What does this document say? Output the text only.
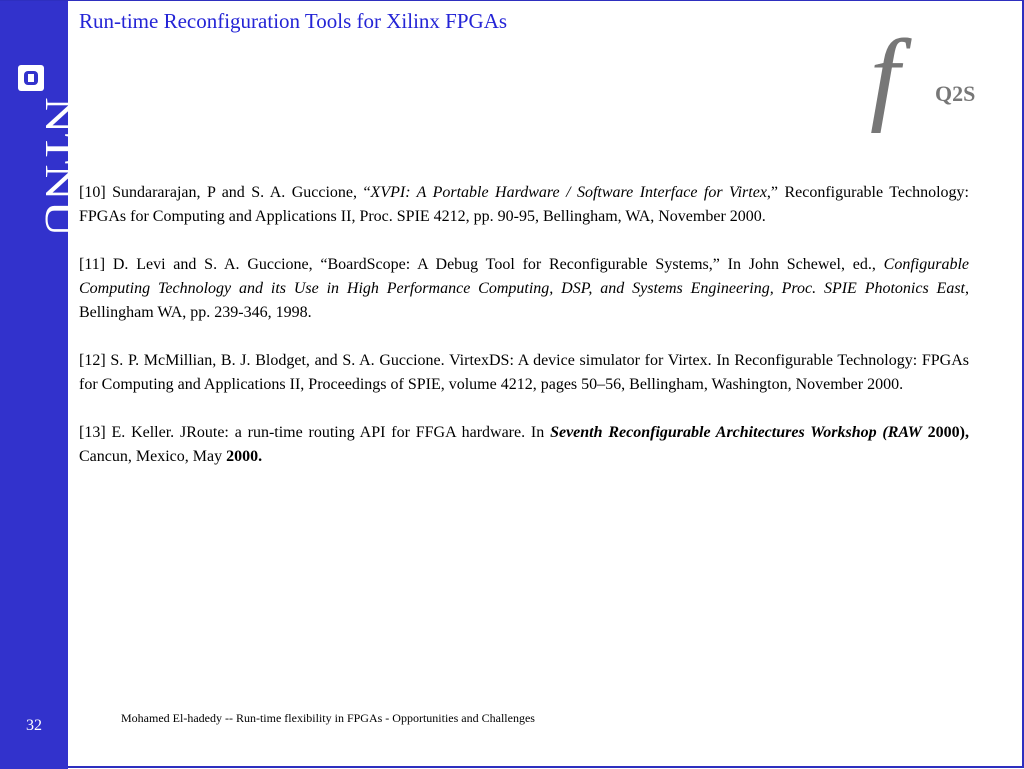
NTNU
32
Run-time Reconfiguration Tools for Xilinx FPGAs	ff	Q2S

[10] Sundararajan, P and S. A. Guccione, “XVPI: A Portable Hardware / Software Interface for Virtex,” Reconfigurable Technology: FPGAs for Computing and Applications II, Proc. SPIE 4212, pp. 90-95, Bellingham, WA, November 2000.

[11] D. Levi and S. A. Guccione, “BoardScope: A Debug Tool for Reconfigurable Systems,” In John Schewel, ed., Configurable Computing Technology and its Use in High Performance Computing, DSP, and Systems Engineering, Proc. SPIE Photonics East, Bellingham WA, pp. 239-346, 1998.

[12] S. P. McMillian, B. J. Blodget, and S. A. Guccione. VirtexDS: A device simulator for Virtex. In Reconfigurable Technology: FPGAs for Computing and Applications II, Proceedings of SPIE, volume 4212, pages 50–56, Bellingham, Washington, November 2000.

[13] E. Keller. JRoute: a run-time routing API for FFGA hardware. In Seventh Reconfigurable Architectures Workshop (RAW 2000), Cancun, Mexico, May 2000.

Mohamed El-hadedy -- Run-time flexibility in FPGAs - Opportunities and Challenges
